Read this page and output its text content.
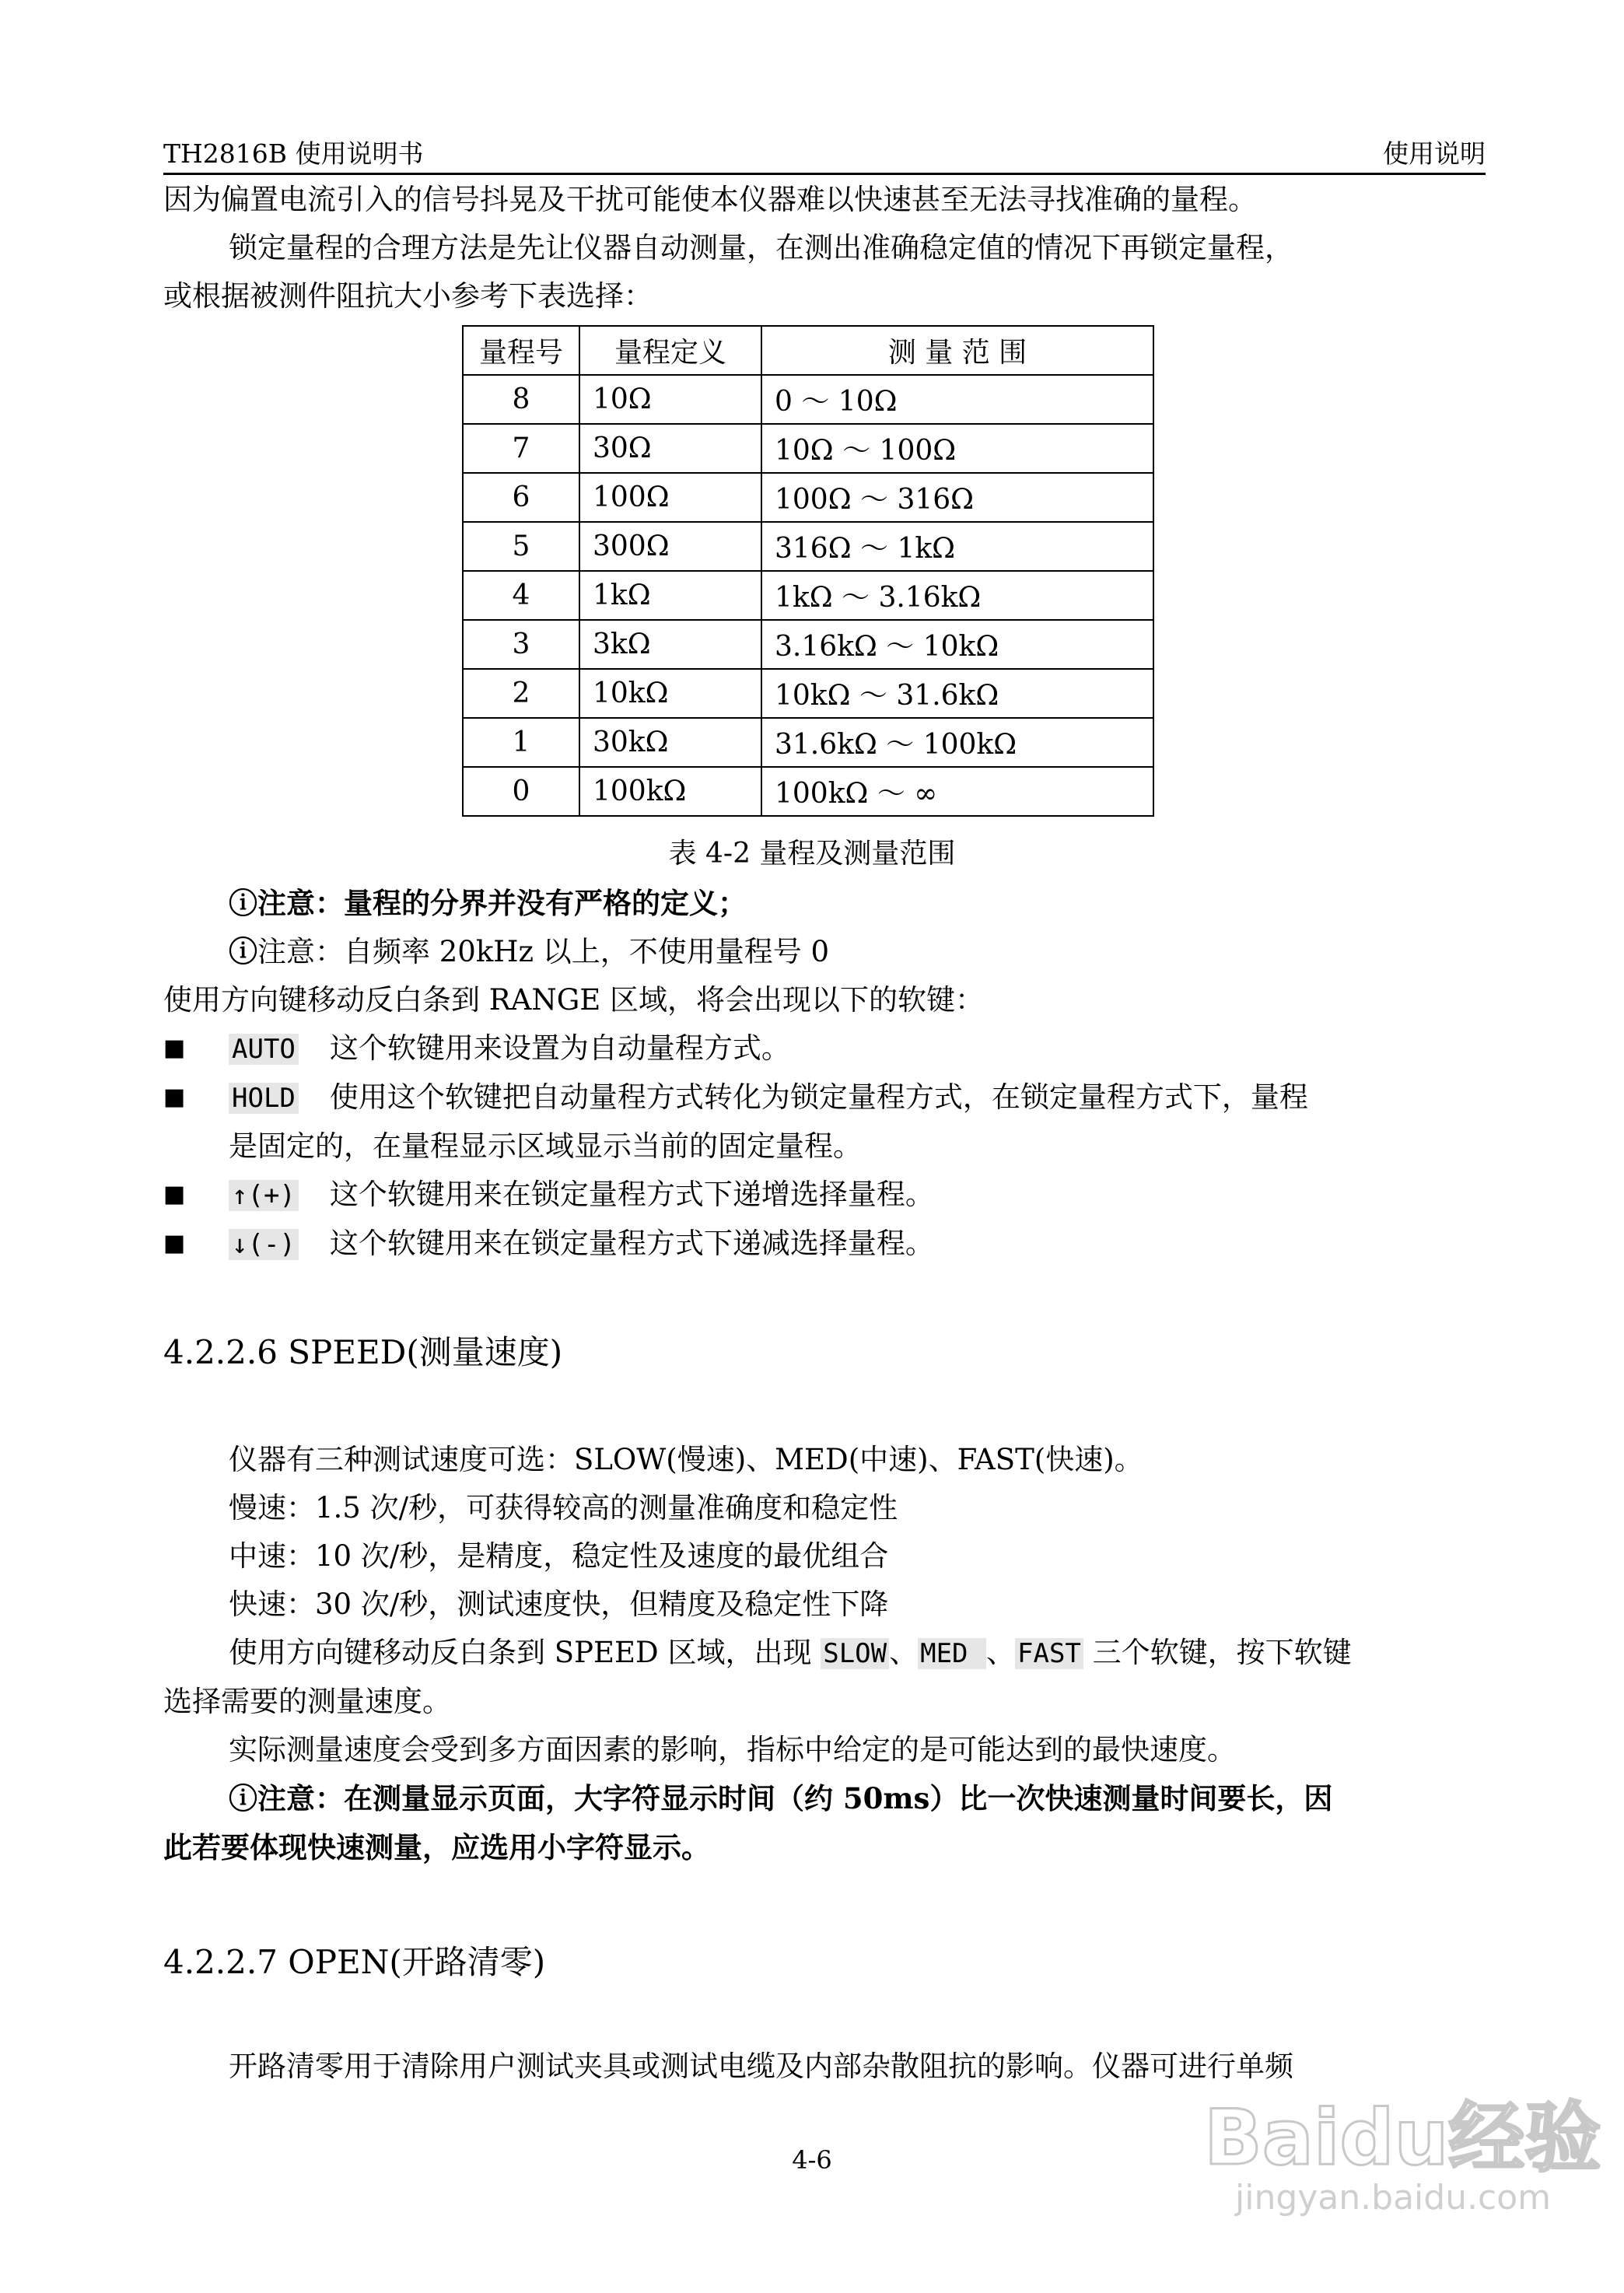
TH2816B 使用说明书	使用说明

因为偏置电流引入的信号抖晃及干扰可能使本仪器难以快速甚至无法寻找准确的量程。

锁定量程的合理方法是先让仪器自动测量，在测出准确稳定值的情况下再锁定量程，

或根据被测件阻抗大小参考下表选择：

量程号	量程定义	测 量 范 围
8	10Ω	0 ～ 10Ω
7	30Ω	10Ω ～ 100Ω
6	100Ω	100Ω ～ 316Ω
5	300Ω	316Ω ～ 1kΩ
4	1kΩ	1kΩ ～ 3.16kΩ
3	3kΩ	3.16kΩ ～ 10kΩ
2	10kΩ	10kΩ ～ 31.6kΩ
1	30kΩ	31.6kΩ ～ 100kΩ
0	100kΩ	100kΩ ～ ∞
表 4-2 量程及测量范围

ⓘ注意：量程的分界并没有严格的定义；

ⓘ注意：自频率 20kHz 以上，不使用量程号 0

使用方向键移动反白条到 RANGE 区域，将会出现以下的软键：

■	AUTO 这个软键用来设置为自动量程方式。
■	HOLD 使用这个软键把自动量程方式转化为锁定量程方式，在锁定量程方式下，量程

是固定的，在量程显示区域显示当前的固定量程。

■	↑(+) 这个软键用来在锁定量程方式下递增选择量程。
■	↓(-) 这个软键用来在锁定量程方式下递减选择量程。
4.2.2.6 SPEED(测量速度)

仪器有三种测试速度可选：SLOW(慢速)、MED(中速)、FAST(快速)。

慢速：1.5 次/秒，可获得较高的测量准确度和稳定性

中速：10 次/秒，是精度，稳定性及速度的最优组合

快速：30 次/秒，测试速度快，但精度及稳定性下降

使用方向键移动反白条到 SPEED 区域，出现 SLOW、MED 、FAST 三个软键，按下软键

选择需要的测量速度。

实际测量速度会受到多方面因素的影响，指标中给定的是可能达到的最快速度。

ⓘ注意：在测量显示页面，大字符显示时间（约 50ms）比一次快速测量时间要长，因

此若要体现快速测量，应选用小字符显示。

4.2.2.7 OPEN(开路清零)

开路清零用于清除用户测试夹具或测试电缆及内部杂散阻抗的影响。仪器可进行单频

4-6	Baidu经验
jingyan.baidu.com
